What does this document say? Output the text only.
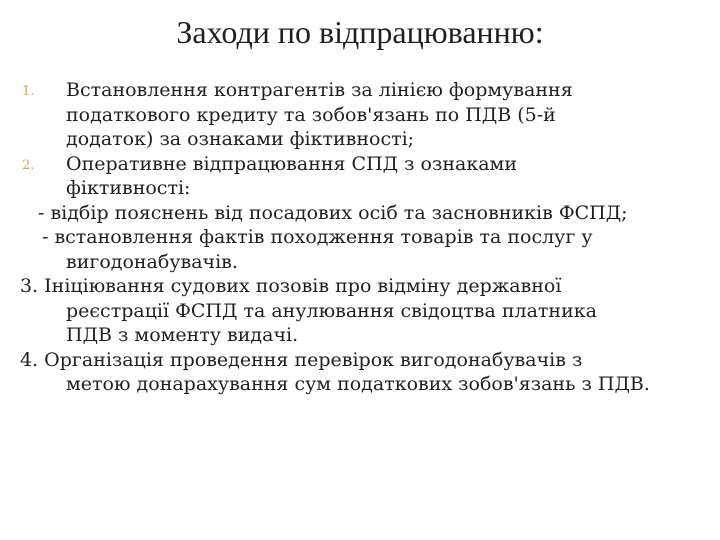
Заходи по відпрацюванню:
1.	Встановлення контрагентів за лінією формування
податкового кредиту та зобов'язань по ПДВ (5-й
додаток) за ознаками фіктивності;
2.	Оперативне відпрацювання СПД з ознаками
фіктивності:
- відбір пояснень від посадових осіб та засновників ФСПД;
- встановлення фактів походження товарів та послуг у
вигодонабувачів.
3. Ініціювання судових позовів про відміну державної
реєстрації ФСПД та анулювання свідоцтва платника
ПДВ з моменту видачі.
4. Організація проведення перевірок вигодонабувачів з
метою донарахування сум податкових зобов'язань з ПДВ.
